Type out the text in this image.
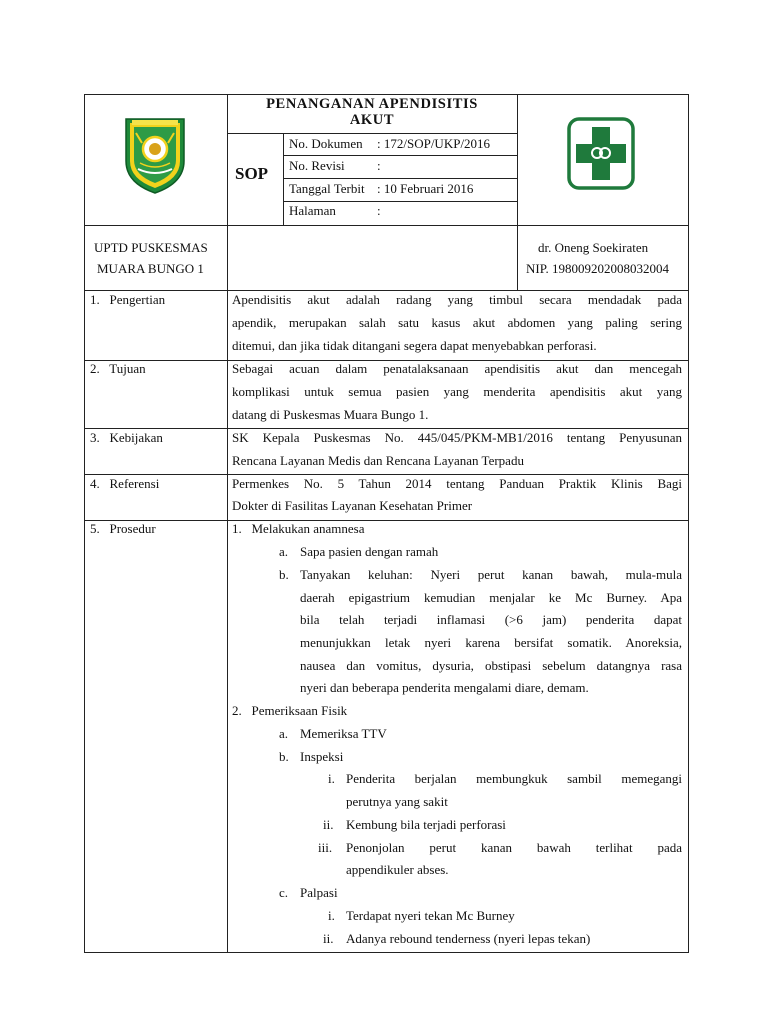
PENANGANAN APENDISITIS
AKUT
SOP
No. Dokumen : 172/SOP/UKP/2016
No. Revisi :
Tanggal Terbit : 10 Februari 2016
Halaman	:
UPTD PUSKESMAS
MUARA BUNGO 1
dr. Oneng Soekiraten
NIP. 198009202008032004
1.   Pengertian
2.   Tujuan
3.   Kebijakan
4.   Referensi
5.   Prosedur
Apendisitis akut adalah radang yang timbul secara mendadak pada
apendik, merupakan salah satu kasus akut abdomen yang paling sering
ditemui, dan jika tidak ditangani segera dapat menyebabkan perforasi.
Sebagai acuan dalam penatalaksanaan apendisitis akut dan mencegah
komplikasi untuk semua pasien yang menderita apendisitis akut yang
datang di Puskesmas Muara Bungo 1.
SK Kepala Puskesmas No. 445/045/PKM-MB1/2016 tentang Penyusunan
Rencana Layanan Medis dan Rencana Layanan Terpadu
Permenkes No. 5 Tahun 2014 tentang Panduan Praktik Klinis Bagi
Dokter di Fasilitas Layanan Kesehatan Primer
1.   Melakukan anamnesa
a. Sapa pasien dengan ramah
b. Tanyakan keluhan: Nyeri perut kanan bawah, mula-mula
daerah epigastrium kemudian menjalar ke Mc Burney. Apa
bila telah terjadi inflamasi (>6 jam) penderita dapat
menunjukkan letak nyeri karena bersifat somatik. Anoreksia,
nausea dan vomitus, dysuria, obstipasi sebelum datangnya rasa
nyeri dan beberapa penderita mengalami diare, demam.
2.   Pemeriksaan Fisik
a. Memeriksa TTV
b. Inspeksi
i. Penderita berjalan membungkuk sambil memegangi
perutnya yang sakit
ii. Kembung bila terjadi perforasi
iii. Penonjolan perut kanan bawah terlihat pada
appendikuler abses.
c. Palpasi
i. Terdapat nyeri tekan Mc Burney
ii. Adanya rebound tenderness (nyeri lepas tekan)
